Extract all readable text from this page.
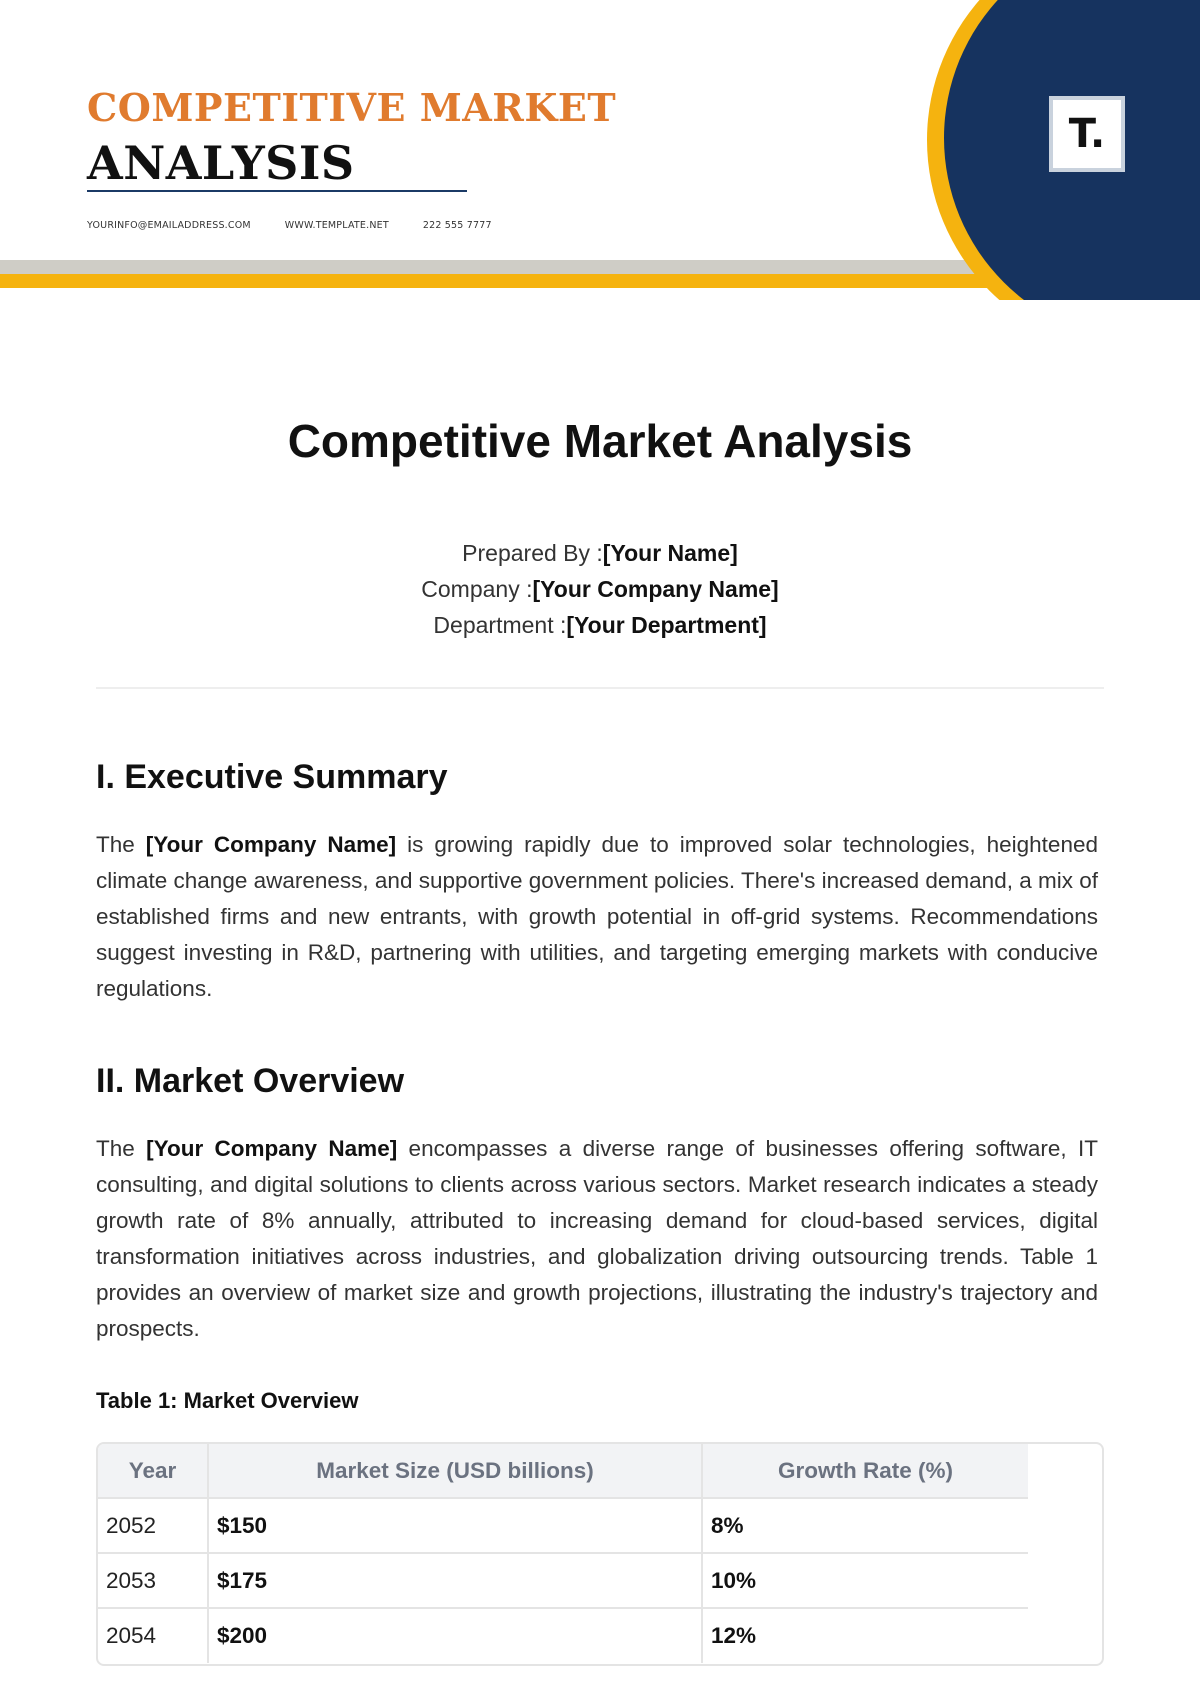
COMPETITIVE MARKET
ANALYSIS
YOURINFO@EMAILADDRESS.COM	WWW.TEMPLATE.NET	222 555 7777
T.
Competitive Market Analysis
Prepared By :[Your Name]
Company :[Your Company Name]
Department :[Your Department]
I. Executive Summary

The [Your Company Name] is growing rapidly due to improved solar technologies, heightened climate change awareness, and supportive government policies. There's increased demand, a mix of established firms and new entrants, with growth potential in off-grid systems. Recommendations suggest investing in R&D, partnering with utilities, and targeting emerging markets with conducive regulations.

II. Market Overview

The [Your Company Name] encompasses a diverse range of businesses offering software, IT consulting, and digital solutions to clients across various sectors. Market research indicates a steady growth rate of 8% annually, attributed to increasing demand for cloud-based services, digital transformation initiatives across industries, and globalization driving outsourcing trends. Table 1 provides an overview of market size and growth projections, illustrating the industry's trajectory and prospects.

Table 1: Market Overview
Year	Market Size (USD billions)	Growth Rate (%)
2052	$150	8%
2053	$175	10%
2054	$200	12%
